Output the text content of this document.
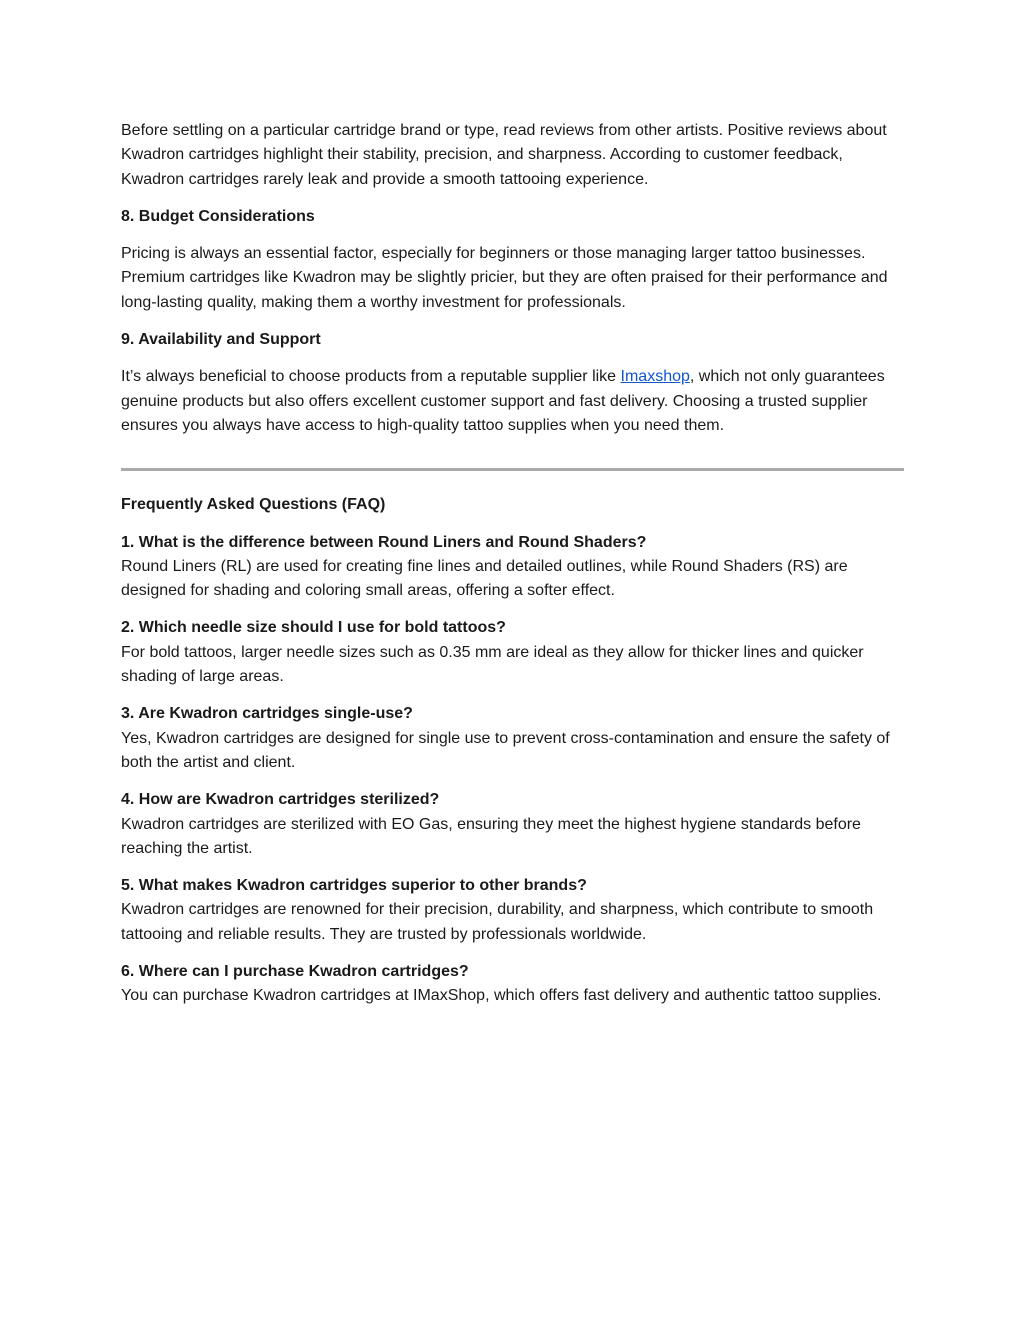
Before settling on a particular cartridge brand or type, read reviews from other artists. Positive reviews about Kwadron cartridges highlight their stability, precision, and sharpness. According to customer feedback, Kwadron cartridges rarely leak and provide a smooth tattooing experience.

8. Budget Considerations

Pricing is always an essential factor, especially for beginners or those managing larger tattoo businesses. Premium cartridges like Kwadron may be slightly pricier, but they are often praised for their performance and long-lasting quality, making them a worthy investment for professionals.

9. Availability and Support

It’s always beneficial to choose products from a reputable supplier like Imaxshop, which not only guarantees genuine products but also offers excellent customer support and fast delivery. Choosing a trusted supplier ensures you always have access to high-quality tattoo supplies when you need them.

Frequently Asked Questions (FAQ)

1. What is the difference between Round Liners and Round Shaders?

Round Liners (RL) are used for creating fine lines and detailed outlines, while Round Shaders (RS) are designed for shading and coloring small areas, offering a softer effect.

2. Which needle size should I use for bold tattoos?

For bold tattoos, larger needle sizes such as 0.35 mm are ideal as they allow for thicker lines and quicker shading of large areas.

3. Are Kwadron cartridges single-use?

Yes, Kwadron cartridges are designed for single use to prevent cross-contamination and ensure the safety of both the artist and client.

4. How are Kwadron cartridges sterilized?

Kwadron cartridges are sterilized with EO Gas, ensuring they meet the highest hygiene standards before reaching the artist.

5. What makes Kwadron cartridges superior to other brands?

Kwadron cartridges are renowned for their precision, durability, and sharpness, which contribute to smooth tattooing and reliable results. They are trusted by professionals worldwide.

6. Where can I purchase Kwadron cartridges?

You can purchase Kwadron cartridges at IMaxShop, which offers fast delivery and authentic tattoo supplies.
